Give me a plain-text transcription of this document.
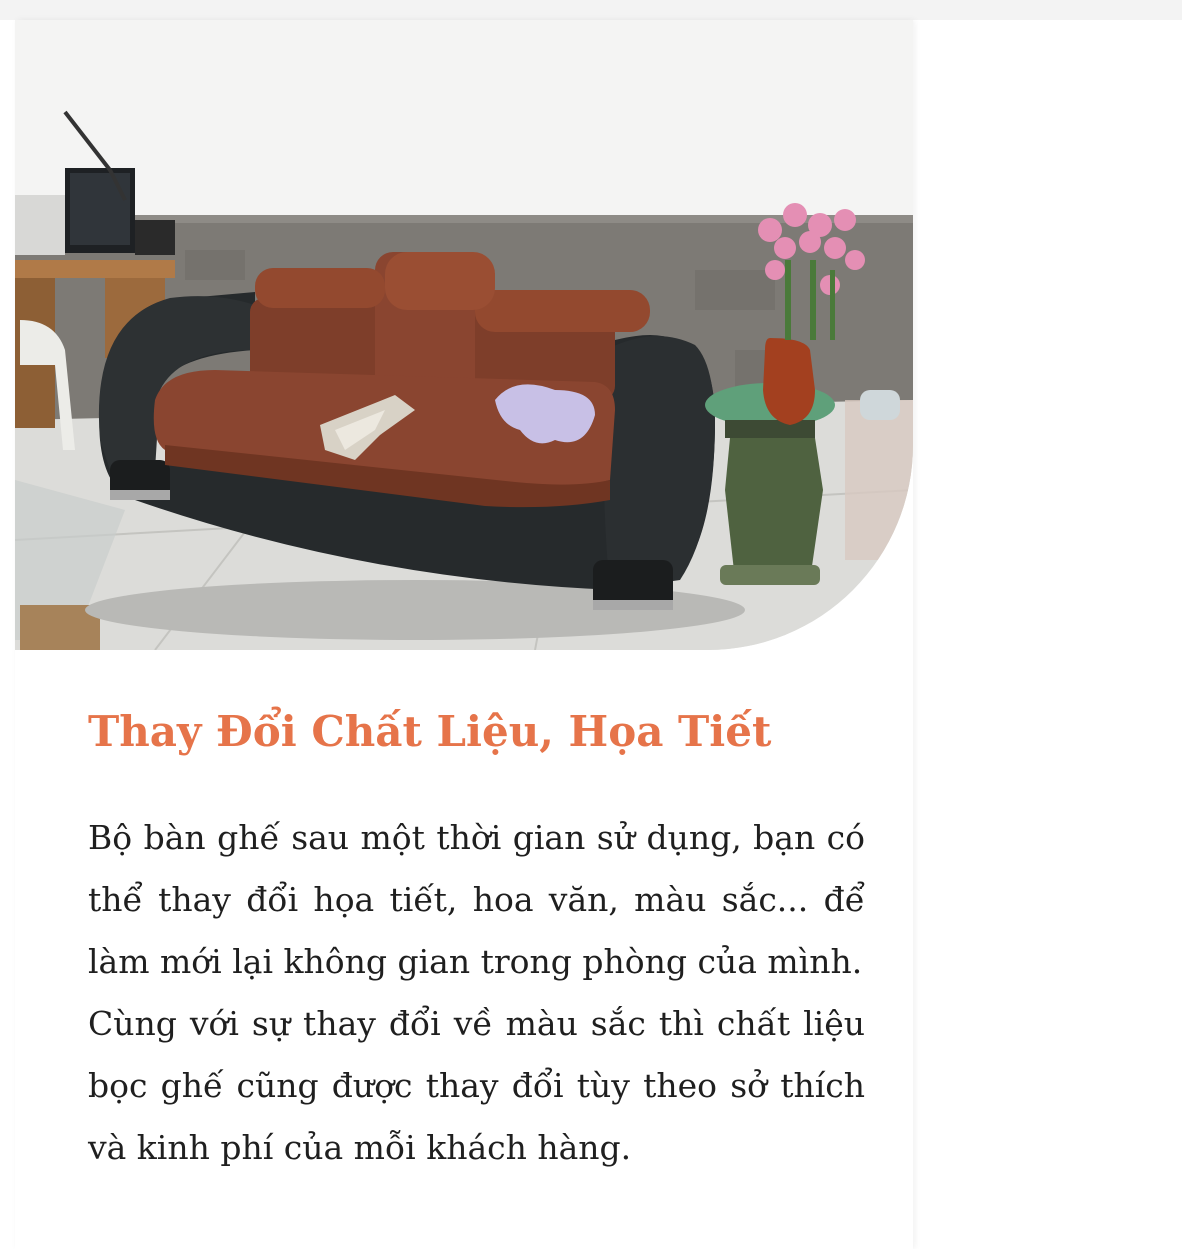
Thay Đổi Chất Liệu, Họa Tiết

Bộ bàn ghế sau một thời gian sử dụng, bạn có thể thay đổi họa tiết, hoa văn, màu sắc... để làm mới lại không gian trong phòng của mình.

Cùng với sự thay đổi về màu sắc thì chất liệu bọc ghế cũng được thay đổi tùy theo sở thích và kinh phí của mỗi khách hàng.
